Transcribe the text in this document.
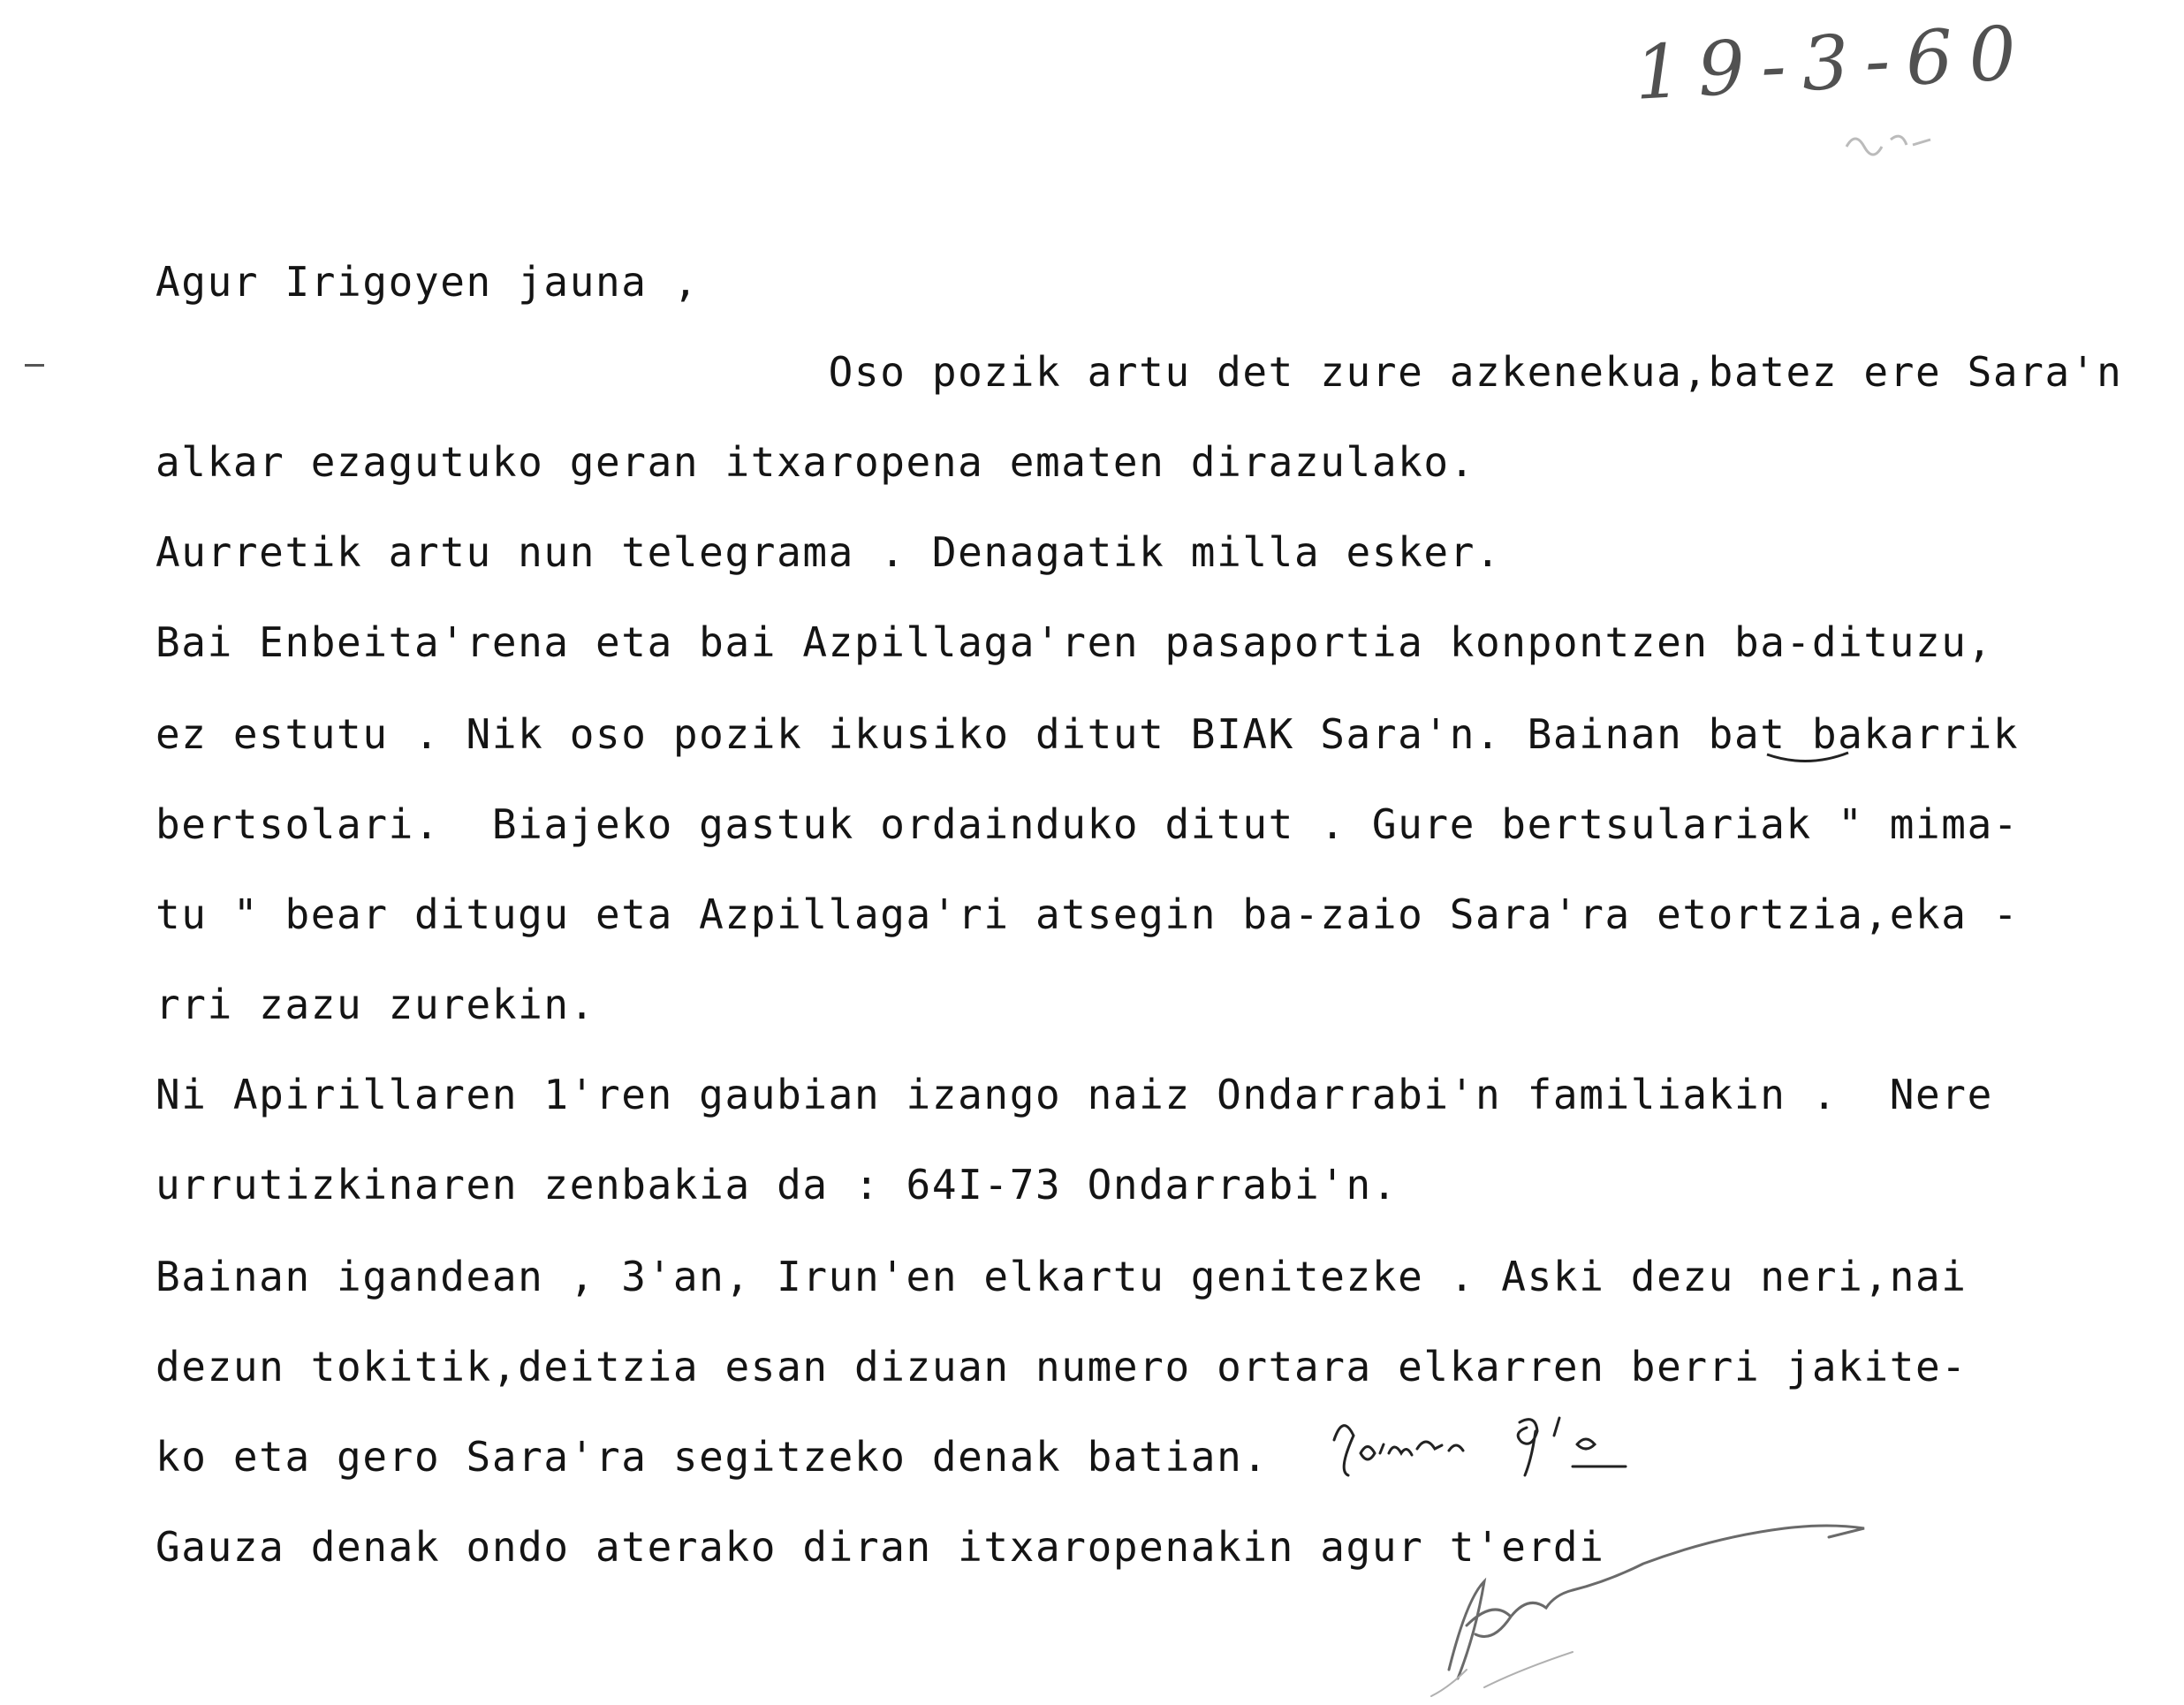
19-3-60
Agur Irigoyen jauna ,
Oso pozik artu det zure azkenekua,batez ere Sara'n
alkar ezagutuko geran itxaropena ematen dirazulako.
Aurretik artu nun telegrama . Denagatik milla esker.
Bai Enbeita'rena eta bai Azpillaga'ren pasaportia konpontzen ba-dituzu,
ez estutu . Nik oso pozik ikusiko ditut BIAK Sara'n. Bainan bat bakarrik
bertsolari.  Biajeko gastuk ordainduko ditut . Gure bertsulariak " mima-
tu " bear ditugu eta Azpillaga'ri atsegin ba-zaio Sara'ra etortzia,eka -
rri zazu zurekin.
Ni Apirillaren 1'ren gaubian izango naiz Ondarrabi'n familiakin .  Nere
urrutizkinaren zenbakia da : 64I-73 Ondarrabi'n.
Bainan igandean , 3'an, Irun'en elkartu genitezke . Aski dezu neri,nai
dezun tokitik,deitzia esan dizuan numero ortara elkarren berri jakite-
ko eta gero Sara'ra segitzeko denak batian.
Gauza denak ondo aterako diran itxaropenakin agur t'erdi
